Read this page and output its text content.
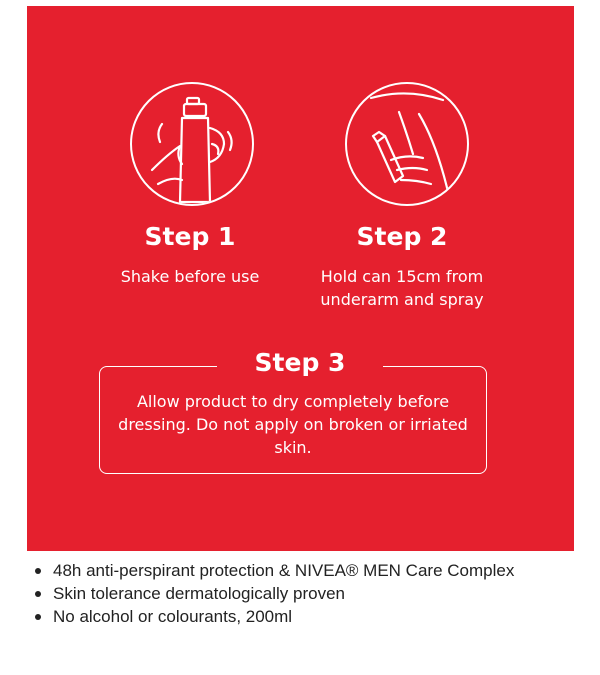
Step 1

Shake before use

Step 2

Hold can 15cm from underarm and spray

Step 3

Allow product to dry completely before dressing. Do not apply on broken or irriated skin.

48h anti-perspirant protection & NIVEA® MEN Care Complex
Skin tolerance dermatologically proven
No alcohol or colourants, 200ml
